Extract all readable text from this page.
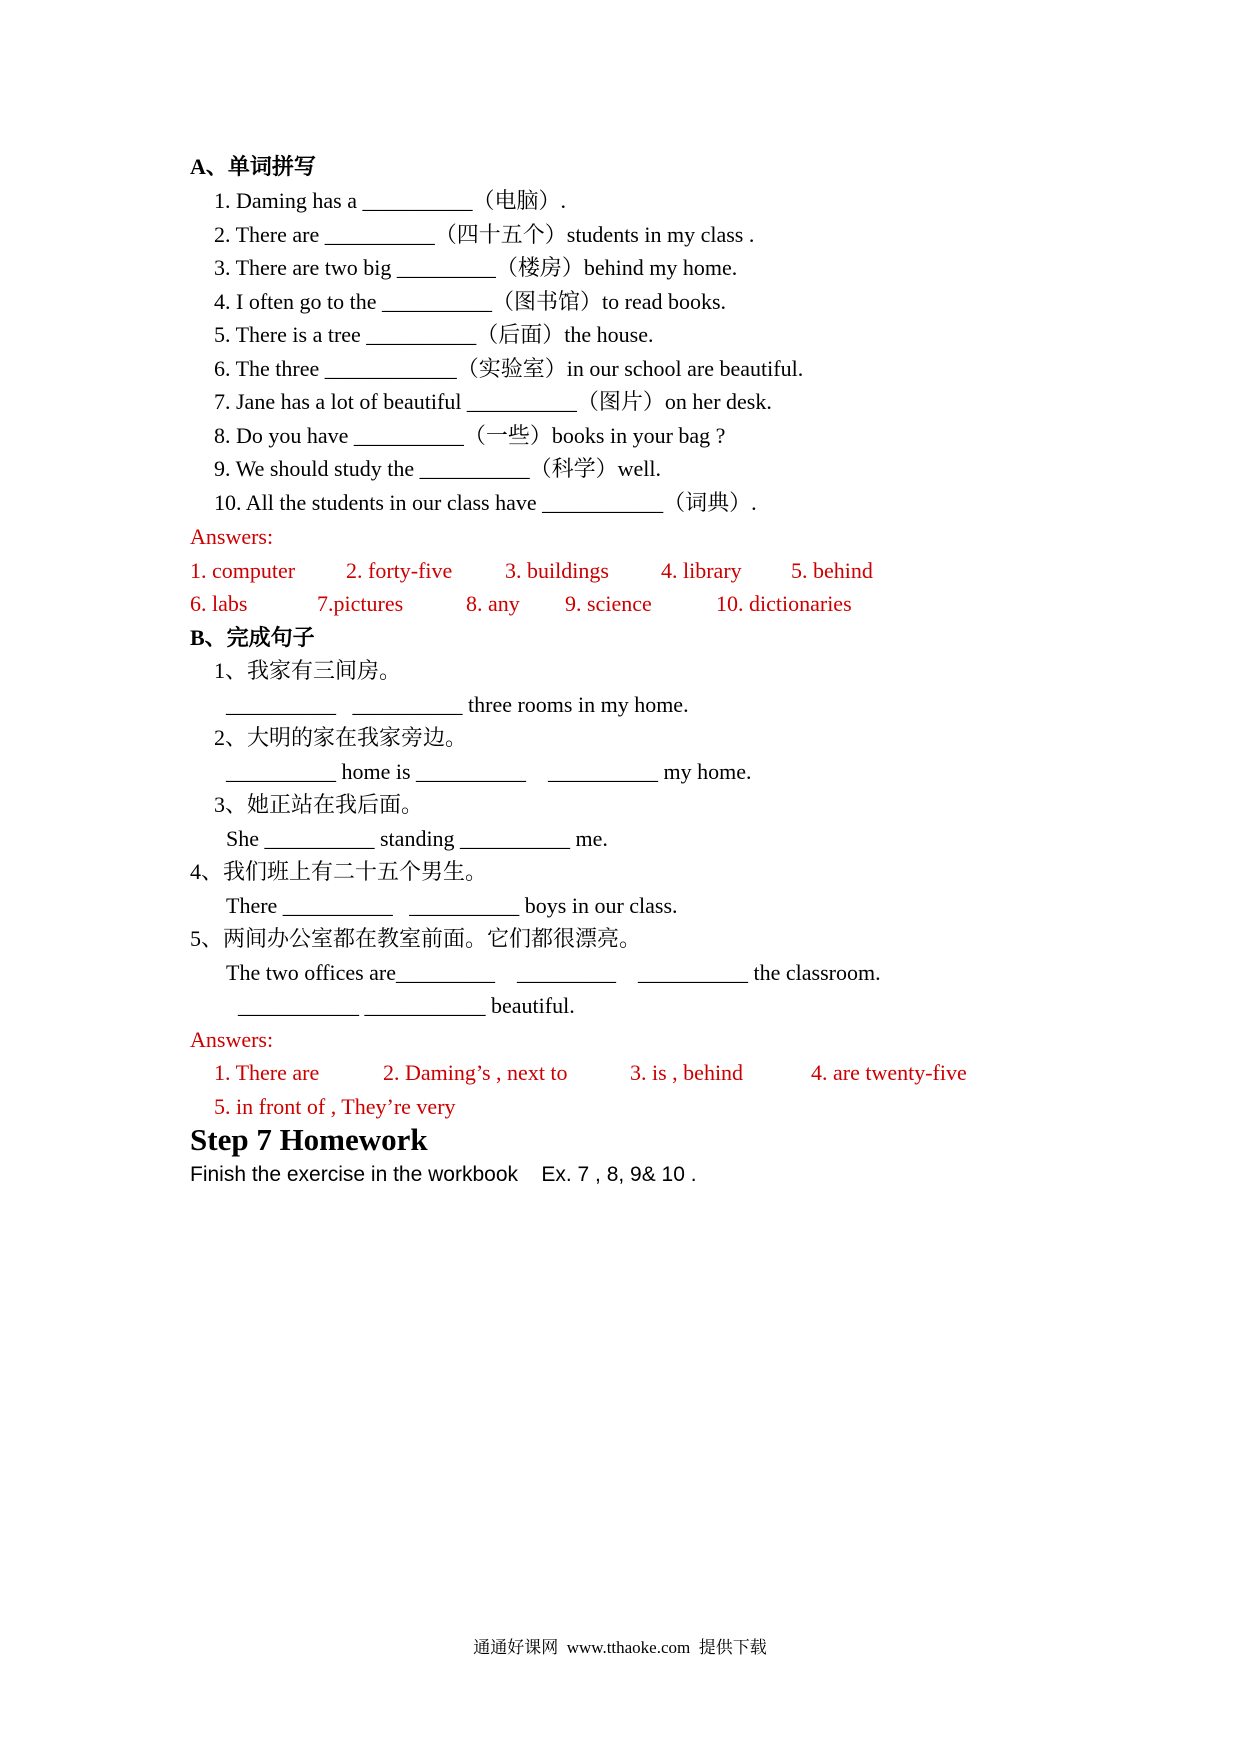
A、单词拼写
1. Daming has a __________（电脑）.
2. There are __________（四十五个）students in my class .
3. There are two big _________（楼房）behind my home.
4. I often go to the __________（图书馆）to read books.
5. There is a tree __________（后面）the house.
6. The three ____________（实验室）in our school are beautiful.
7. Jane has a lot of beautiful __________（图片）on her desk.
8. Do you have __________（一些）books in your bag ?
9. We should study the __________（科学）well.
10. All the students in our class have ___________（词典）.
Answers:
1. computer 2. forty-five 3. buildings 4. library 5. behind
6. labs	7.pictures	8. any 9. science	10. dictionaries
B、完成句子
1、我家有三间房。
__________   __________ three rooms in my home.
2、大明的家在我家旁边。
__________ home is __________    __________ my home.
3、她正站在我后面。
She __________ standing __________ me.
4、我们班上有二十五个男生。
There __________   __________ boys in our class.
5、两间办公室都在教室前面。它们都很漂亮。
The two offices are_________    _________    __________ the classroom.
___________ ___________ beautiful.
Answers:
1. There are	2. Daming’s , next to	3. is , behind	4. are twenty-five
5. in front of , They’re very
Step 7 Homework
Finish the exercise in the workbook    Ex. 7 , 8, 9& 10 .
通通好课网  www.tthaoke.com  提供下载
